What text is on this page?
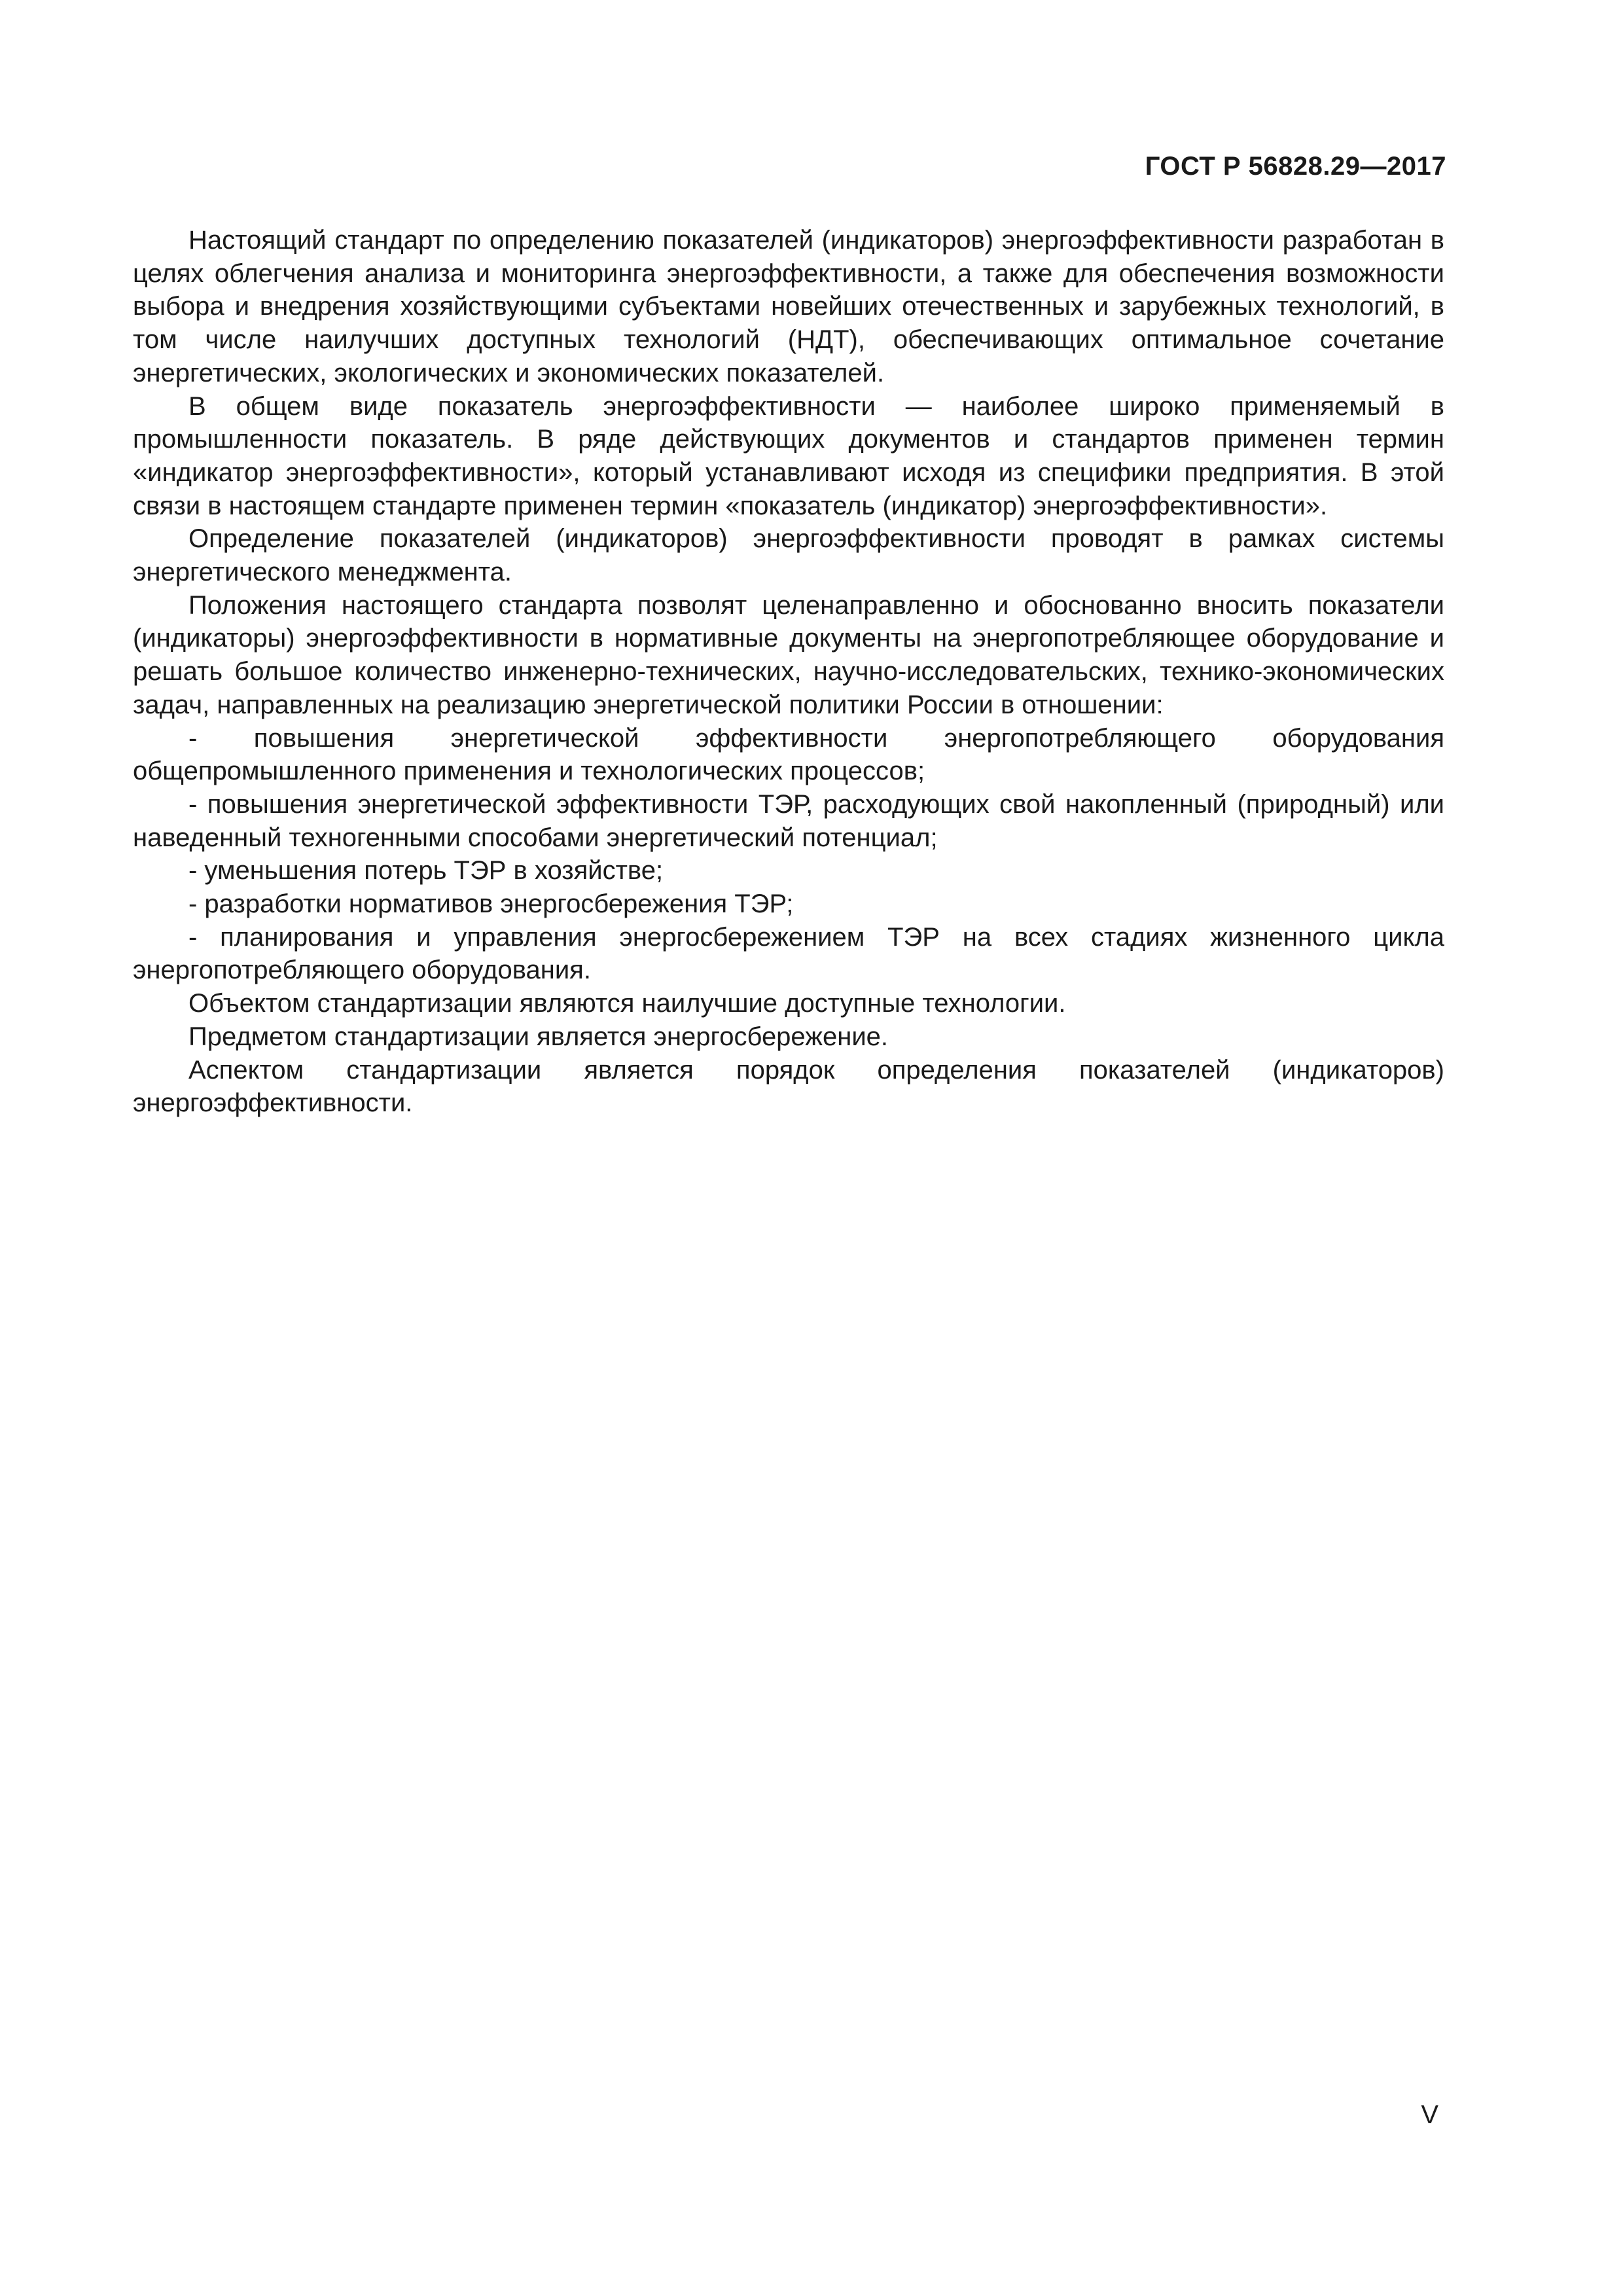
ГОСТ Р 56828.29—2017

Настоящий стандарт по определению показателей (индикаторов) энергоэффективности разработан в целях облегчения анализа и мониторинга энергоэффективности, а также для обеспечения возможности выбора и внедрения хозяйствующими субъектами новейших отечественных и зарубежных технологий, в том числе наилучших доступных технологий (НДТ), обеспечивающих оптимальное сочетание энергетических, экологических и экономических показателей.

В общем виде показатель энергоэффективности — наиболее широко применяемый в промышленности показатель. В ряде действующих документов и стандартов применен термин «индикатор энергоэффективности», который устанавливают исходя из специфики предприятия. В этой связи в настоящем стандарте применен термин «показатель (индикатор) энергоэффективности».

Определение показателей (индикаторов) энергоэффективности проводят в рамках системы энергетического менеджмента.

Положения настоящего стандарта позволят целенаправленно и обоснованно вносить показатели (индикаторы) энергоэффективности в нормативные документы на энергопотребляющее оборудование и решать большое количество инженерно-технических, научно-исследовательских, технико-экономических задач, направленных на реализацию энергетической политики России в отношении:

- повышения энергетической эффективности энергопотребляющего оборудования общепромышленного применения и технологических процессов;

- повышения энергетической эффективности ТЭР, расходующих свой накопленный (природный) или наведенный техногенными способами энергетический потенциал;

- уменьшения потерь ТЭР в хозяйстве;

- разработки нормативов энергосбережения ТЭР;

- планирования и управления энергосбережением ТЭР на всех стадиях жизненного цикла энергопотребляющего оборудования.

Объектом стандартизации являются наилучшие доступные технологии.

Предметом стандартизации является энергосбережение.

Аспектом стандартизации является порядок определения показателей (индикаторов) энергоэффективности.

V
